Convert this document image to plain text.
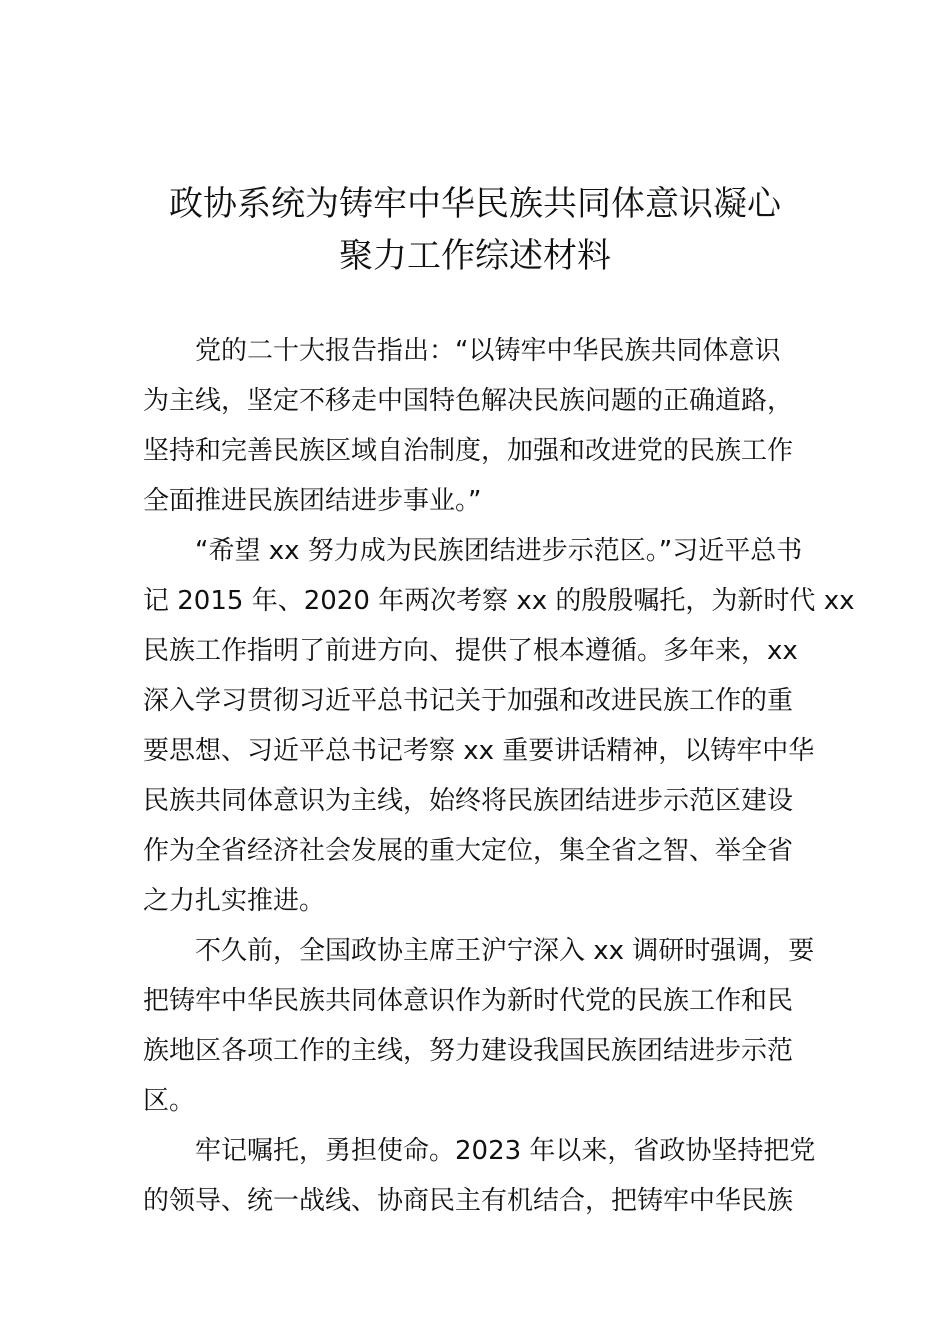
政协系统为铸牢中华民族共同体意识凝心
聚力工作综述材料
党的二十大报告指出：“以铸牢中华民族共同体意识
为主线，坚定不移走中国特色解决民族问题的正确道路，
坚持和完善民族区域自治制度，加强和改进党的民族工作
全面推进民族团结进步事业。”
“希望 xx 努力成为民族团结进步示范区。”习近平总书
记 2015 年、2020 年两次考察 xx 的殷殷嘱托，为新时代 xx
民族工作指明了前进方向、提供了根本遵循。多年来，xx
深入学习贯彻习近平总书记关于加强和改进民族工作的重
要思想、习近平总书记考察 xx 重要讲话精神，以铸牢中华
民族共同体意识为主线，始终将民族团结进步示范区建设
作为全省经济社会发展的重大定位，集全省之智、举全省
之力扎实推进。
不久前，全国政协主席王沪宁深入 xx 调研时强调，要
把铸牢中华民族共同体意识作为新时代党的民族工作和民
族地区各项工作的主线，努力建设我国民族团结进步示范
区。
牢记嘱托，勇担使命。2023 年以来，省政协坚持把党
的领导、统一战线、协商民主有机结合，把铸牢中华民族
